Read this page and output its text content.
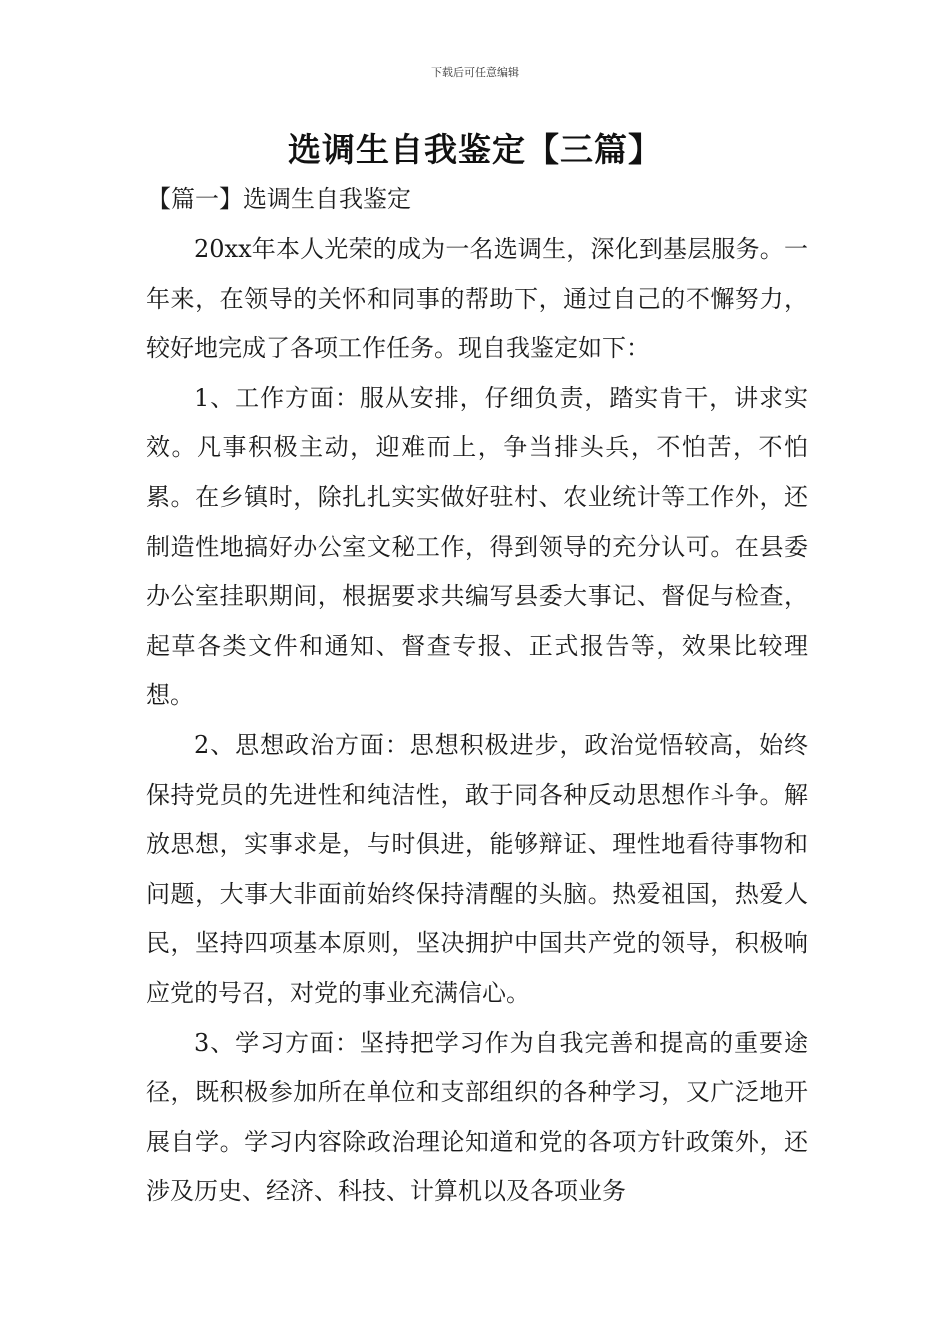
下载后可任意编辑
选调生自我鉴定【三篇】
【篇一】选调生自我鉴定

20xx年本人光荣的成为一名选调生，深化到基层服务。一年来，在领导的关怀和同事的帮助下，通过自己的不懈努力，较好地完成了各项工作任务。现自我鉴定如下：

1、工作方面：服从安排，仔细负责，踏实肯干，讲求实效。凡事积极主动，迎难而上，争当排头兵，不怕苦，不怕累。在乡镇时，除扎扎实实做好驻村、农业统计等工作外，还制造性地搞好办公室文秘工作，得到领导的充分认可。在县委办公室挂职期间，根据要求共编写县委大事记、督促与检查，起草各类文件和通知、督查专报、正式报告等，效果比较理想。

2、思想政治方面：思想积极进步，政治觉悟较高，始终保持党员的先进性和纯洁性，敢于同各种反动思想作斗争。解放思想，实事求是，与时俱进，能够辩证、理性地看待事物和问题，大事大非面前始终保持清醒的头脑。热爱祖国，热爱人民，坚持四项基本原则，坚决拥护中国共产党的领导，积极响应党的号召，对党的事业充满信心。

3、学习方面：坚持把学习作为自我完善和提高的重要途径，既积极参加所在单位和支部组织的各种学习，又广泛地开展自学。学习内容除政治理论知道和党的各项方针政策外，还涉及历史、经济、科技、计算机以及各项业务
